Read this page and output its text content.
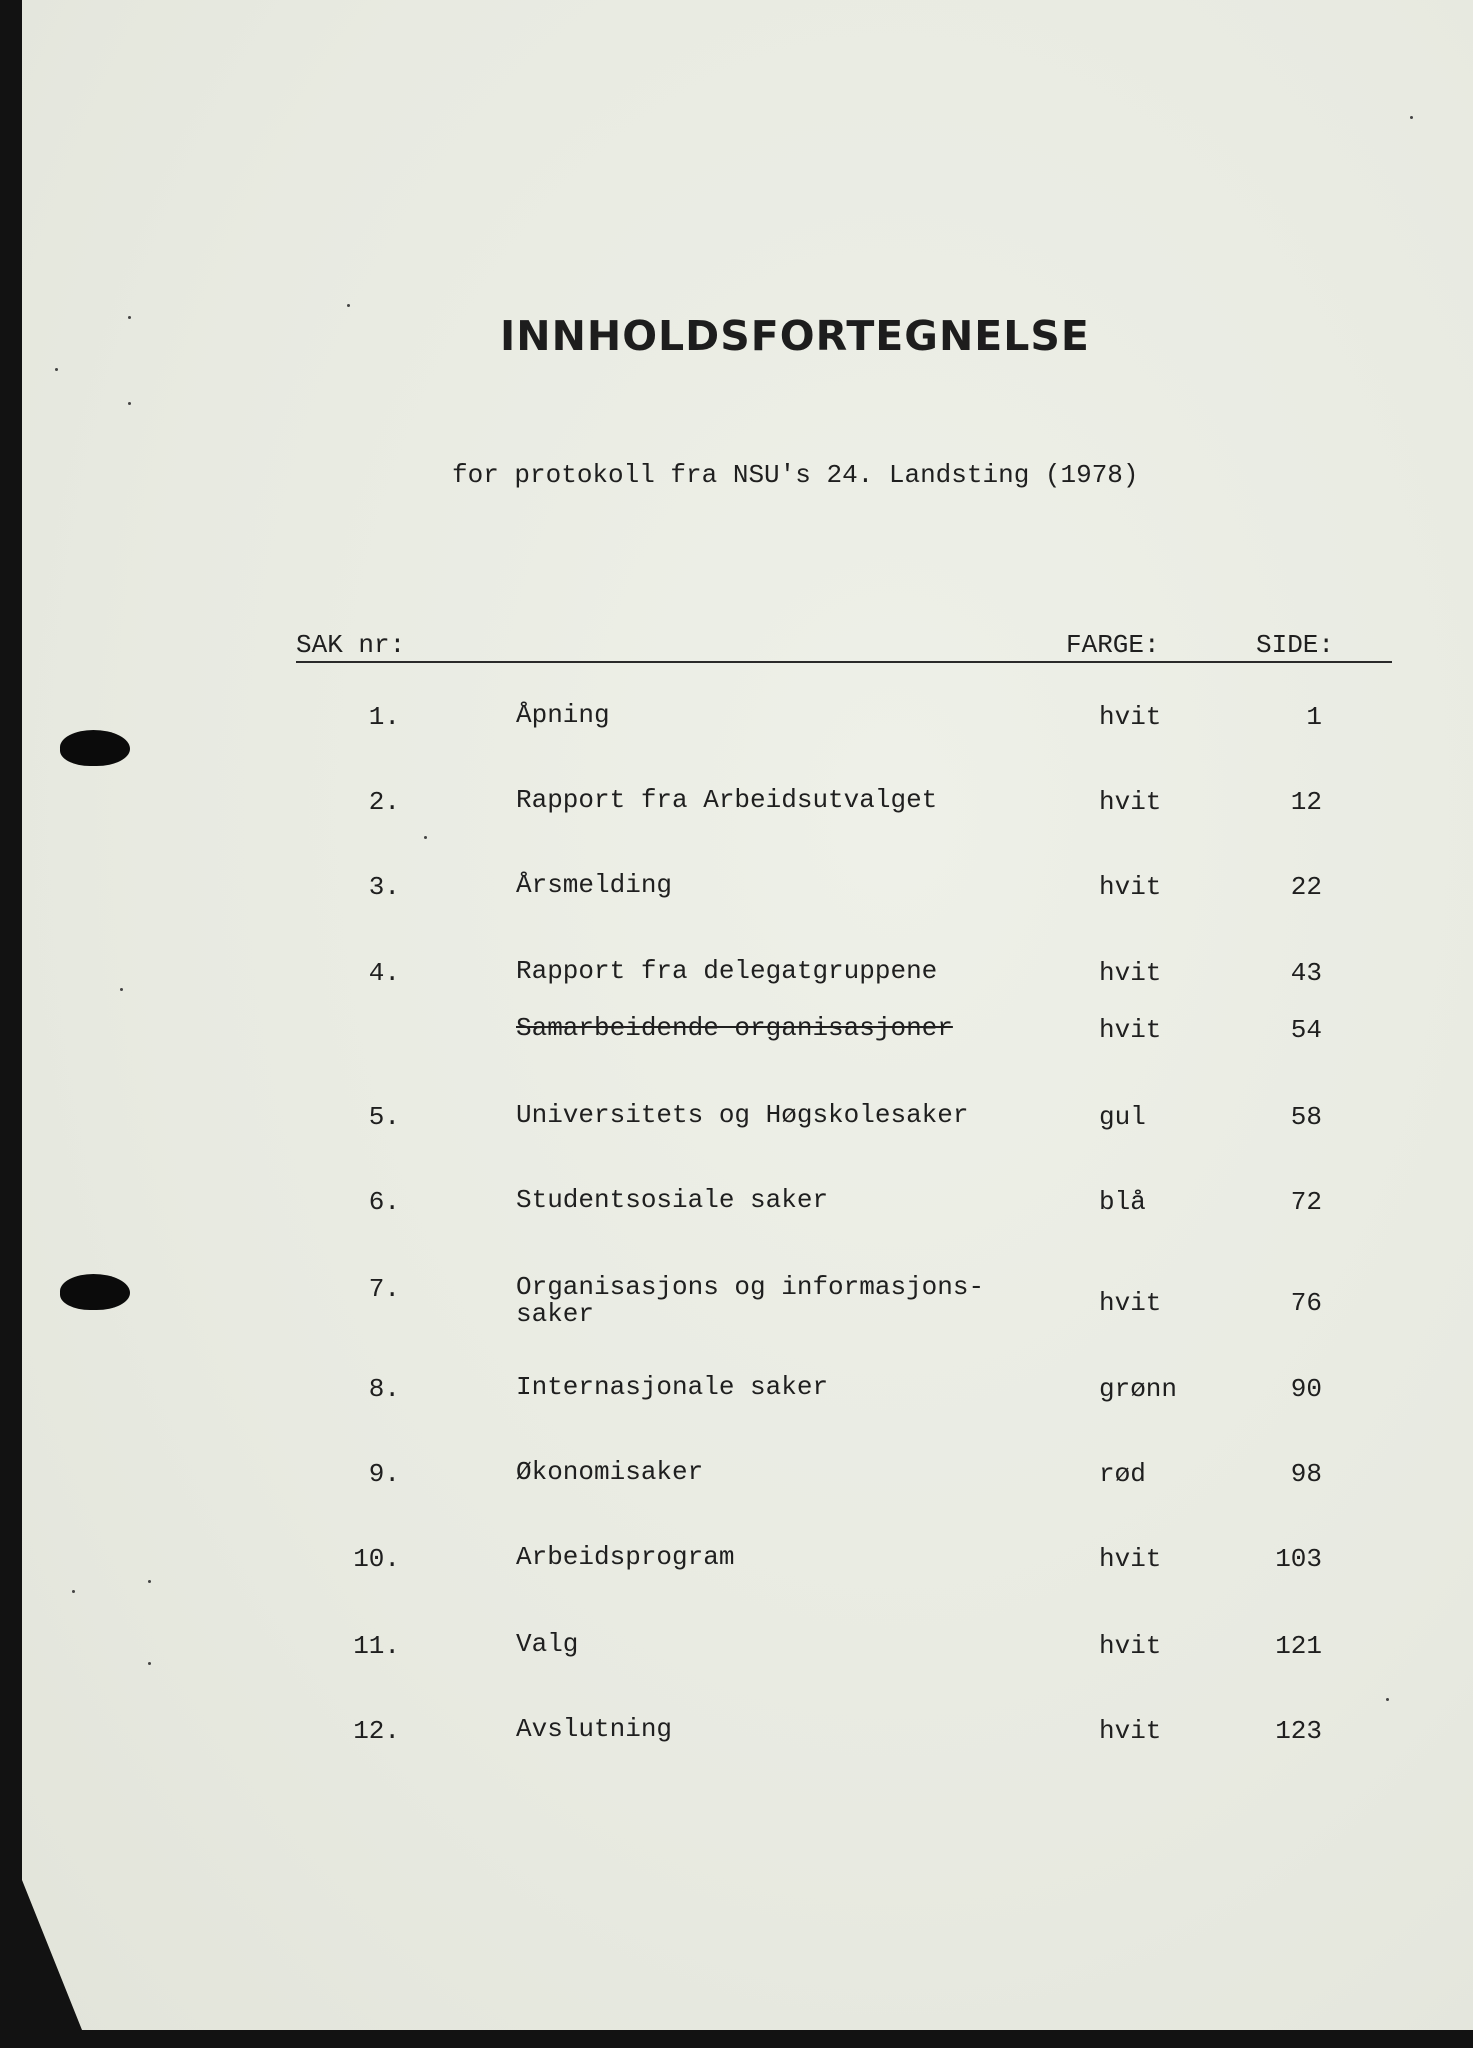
INNHOLDSFORTEGNELSE
for protokoll fra NSU's 24. Landsting (1978)
SAK nr:	FARGE:	SIDE:
1.	Åpning	hvit	1
2.	Rapport fra Arbeidsutvalget	hvit	12
3.	Årsmelding	hvit	22
4.	Rapport fra delegatgruppene	hvit	43
Samarbeidende organisasjoner	hvit	54
5.	Universitets og Høgskolesaker	gul	58
6.	Studentsosiale saker	blå	72
7.	Organisasjons og informasjons-
saker	hvit	76
8.	Internasjonale saker	grønn	90
9.	Økonomisaker	rød	98
10.	Arbeidsprogram	hvit	103
11.	Valg	hvit	121
12.	Avslutning	hvit	123
